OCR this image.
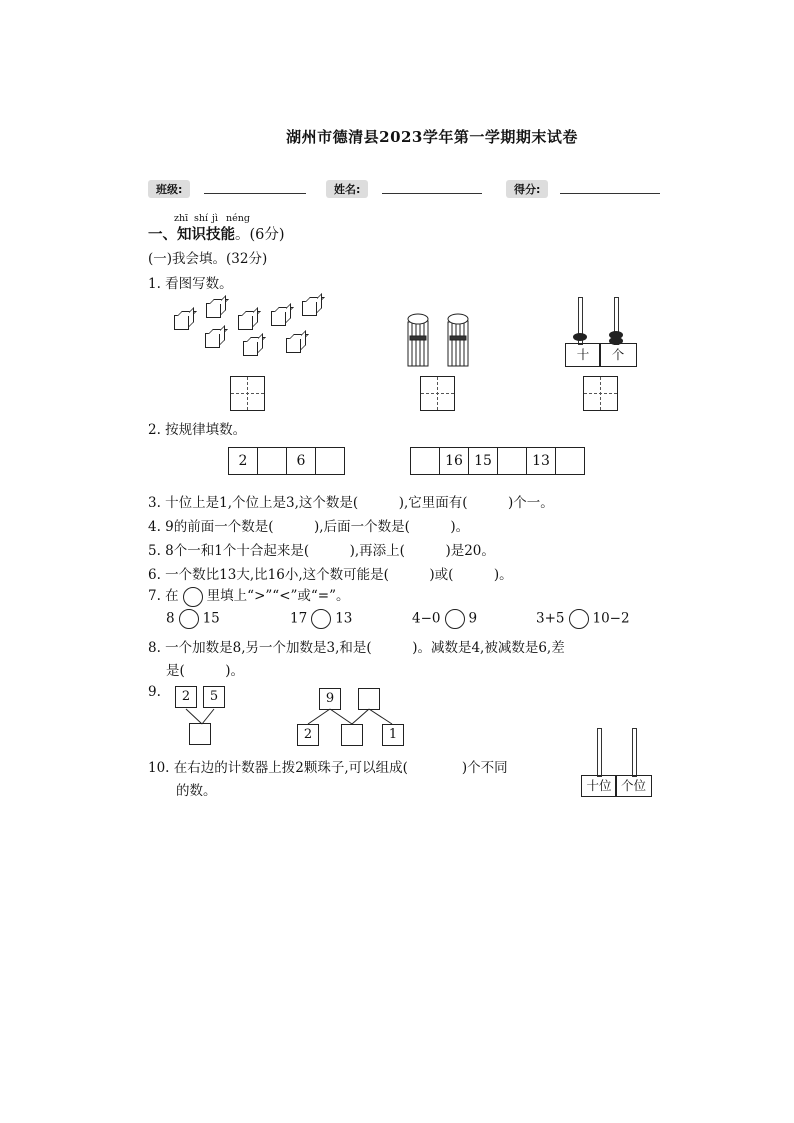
湖州市德清县2023学年第一学期期末试卷
班级:	姓名:	得分:
zhī shí jì néng
一、知识技能。(6分)
(一)我会填。(32分)
1. 看图写数。
十	个
2. 按规律填数。
2	6	16 15	13
3. 十位上是1,个位上是3,这个数是(　　　),它里面有(　　　)个一。
4. 9的前面一个数是(　　　),后面一个数是(　　　)。
5. 8个一和1个十合起来是(　　　),再添上(　　　)是20。
6. 一个数比13大,比16小,这个数可能是(　　　)或(　　　)。
7. 在 里填上“>”“<”或“=”。
8 15	17 13	4−0 9	3+5 10−2
8. 一个加数是8,另一个加数是3,和是(　　　)。减数是4,被减数是6,差
是(　　　)。
9.	2	5	9
2	1
10. 在右边的计数器上拨2颗珠子,可以组成(　　　　)个不同
的数。	十位 个位
